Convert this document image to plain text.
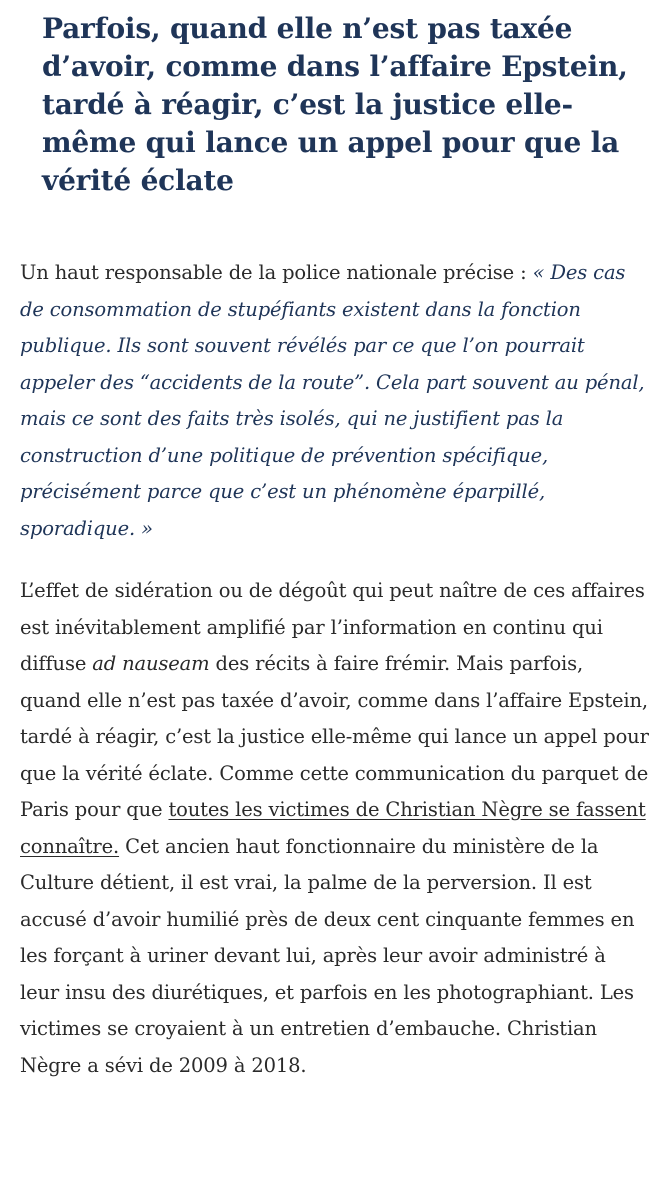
Parfois, quand elle n’est pas taxée d’avoir, comme dans l’affaire Epstein, tardé à réagir, c’est la justice elle-même qui lance un appel pour que la vérité éclate

Un haut responsable de la police nationale précise : « Des cas de consommation de stupéfiants existent dans la fonction publique. Ils sont souvent révélés par ce que l’on pourrait appeler des “accidents de la route”. Cela part souvent au pénal, mais ce sont des faits très isolés, qui ne justifient pas la construction d’une politique de prévention spécifique, précisément parce que c’est un phénomène éparpillé, sporadique. »

L’effet de sidération ou de dégoût qui peut naître de ces affaires est inévitablement amplifié par l’information en continu qui diffuse ad nauseam des récits à faire frémir. Mais parfois, quand elle n’est pas taxée d’avoir, comme dans l’affaire Epstein, tardé à réagir, c’est la justice elle-même qui lance un appel pour que la vérité éclate. Comme cette communication du parquet de Paris pour que toutes les victimes de Christian Nègre se fassent connaître. Cet ancien haut fonctionnaire du ministère de la Culture détient, il est vrai, la palme de la perversion. Il est accusé d’avoir humilié près de deux cent cinquante femmes en les forçant à uriner devant lui, après leur avoir administré à leur insu des diurétiques, et parfois en les photographiant. Les victimes se croyaient à un entretien d’embauche. Christian Nègre a sévi de 2009 à 2018.
